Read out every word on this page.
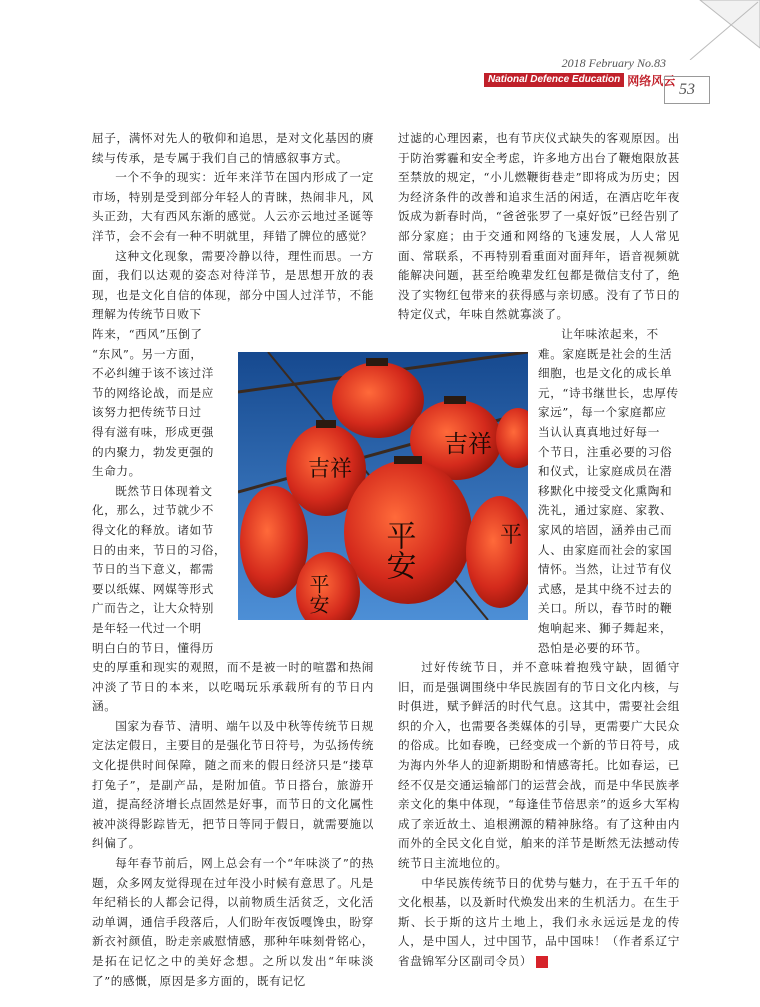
2018 February No.83
National Defence Education 网络风云
53

屈子，满怀对先人的敬仰和追思，是对文化基因的赓续与传承，是专属于我们自己的情感叙事方式。

一个不争的现实：近年来洋节在国内形成了一定市场，特别是受到部分年轻人的青睐，热闹非凡，风头正劲，大有西风东渐的感觉。人云亦云地过圣诞等洋节，会不会有一种不明就里，拜错了牌位的感觉？

这种文化现象，需要冷静以待，理性而思。一方面，我们以达观的姿态对待洋节，是思想开放的表现，也是文化自信的体现，部分中国人过洋节，不能理解为传统节日败下

阵来，“西风”压倒了
“东风”。另一方面，
不必纠缠于该不该过洋
节的网络论战，而是应
该努力把传统节日过
得有滋有味，形成更强
的内聚力，勃发更强的
生命力。
既然节日体现着文
化，那么，过节就少不
得文化的释放。诸如节
日的由来，节日的习俗，
节日的当下意义，都需
要以纸媒、网媒等形式
广而告之，让大众特别
是年轻一代过一个明
明白白的节日，懂得历
吉祥
平安
吉祥
平安
平

史的厚重和现实的观照，而不是被一时的喧嚣和热闹冲淡了节日的本来，以吃喝玩乐承载所有的节日内涵。

国家为春节、清明、端午以及中秋等传统节日规定法定假日，主要目的是强化节日符号，为弘扬传统文化提供时间保障，随之而来的假日经济只是“搂草打兔子”，是副产品，是附加值。节日搭台，旅游开道，提高经济增长点固然是好事，而节日的文化属性被冲淡得影踪皆无，把节日等同于假日，就需要施以纠偏了。

每年春节前后，网上总会有一个“年味淡了”的热题，众多网友觉得现在过年没小时候有意思了。凡是年纪稍长的人都会记得，以前物质生活贫乏，文化活动单调，通信手段落后，人们盼年夜饭嘎馋虫，盼穿新衣衬颜值，盼走亲戚慰情感，那种年味刻骨铭心，是拓在记忆之中的美好念想。之所以发出“年味淡了”的感慨，原因是多方面的，既有记忆

过滤的心理因素，也有节庆仪式缺失的客观原因。出于防治雾霾和安全考虑，许多地方出台了鞭炮限放甚至禁放的规定，“小儿燃鞭街巷走”即将成为历史；因为经济条件的改善和追求生活的闲适，在酒店吃年夜饭成为新春时尚，“爸爸张罗了一桌好饭”已经告别了部分家庭；由于交通和网络的飞速发展，人人常见面、常联系，不再特别看重面对面拜年，语音视频就能解决问题，甚至给晚辈发红包都是微信支付了，绝没了实物红包带来的获得感与亲切感。没有了节日的特定仪式，年味自然就寡淡了。

让年味浓起来，不
难。家庭既是社会的生活
细胞，也是文化的成长单
元，“诗书继世长，忠厚传
家远”，每一个家庭都应
当认认真真地过好每一
个节日，注重必要的习俗
和仪式，让家庭成员在潜
移默化中接受文化熏陶和
洗礼，通过家庭、家教、
家风的培固，涵养由己而
人、由家庭而社会的家国
情怀。当然，让过节有仪
式感，是其中绕不过去的
关口。所以，春节时的鞭
炮响起来、狮子舞起来，
恐怕是必要的环节。

过好传统节日，并不意味着抱残守缺，固循守旧，而是强调围绕中华民族固有的节日文化内核，与时俱进，赋予鲜活的时代气息。这其中，需要社会组织的介入，也需要各类媒体的引导，更需要广大民众的俗成。比如春晚，已经变成一个新的节日符号，成为海内外华人的迎新期盼和情感寄托。比如春运，已经不仅是交通运输部门的运营会战，而是中华民族孝亲文化的集中体现，“每逢佳节倍思亲”的返乡大军构成了亲近故土、追根溯源的精神脉络。有了这种由内而外的全民文化自觉，舶来的洋节是断然无法撼动传统节日主流地位的。

中华民族传统节日的优势与魅力，在于五千年的文化根基，以及新时代焕发出来的生机活力。在生于斯、长于斯的这片土地上，我们永永远远是龙的传人，是中国人，过中国节，品中国味！（作者系辽宁省盘锦军分区副司令员）	G
